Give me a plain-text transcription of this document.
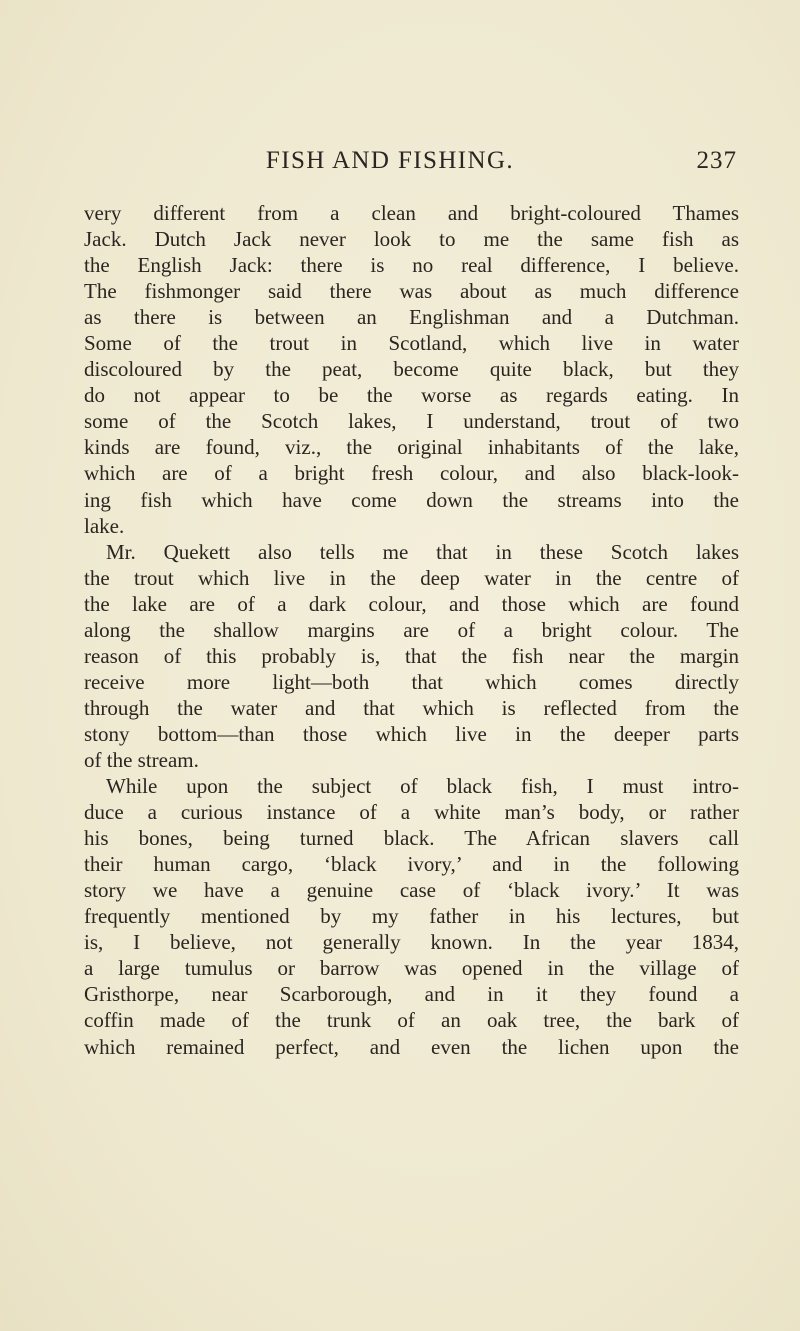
FISH AND FISHING.	237
very different from a clean and bright-coloured Thames
Jack. Dutch Jack never look to me the same fish as
the English Jack: there is no real difference, I believe.
The fishmonger said there was about as much difference
as there is between an Englishman and a Dutchman.
Some of the trout in Scotland, which live in water
discoloured by the peat, become quite black, but they
do not appear to be the worse as regards eating. In
some of the Scotch lakes, I understand, trout of two
kinds are found, viz., the original inhabitants of the lake,
which are of a bright fresh colour, and also black-look-
ing fish which have come down the streams into the
lake.
Mr. Quekett also tells me that in these Scotch lakes
the trout which live in the deep water in the centre of
the lake are of a dark colour, and those which are found
along the shallow margins are of a bright colour. The
reason of this probably is, that the fish near the margin
receive more light—both that which comes directly
through the water and that which is reflected from the
stony bottom—than those which live in the deeper parts
of the stream.
While upon the subject of black fish, I must intro-
duce a curious instance of a white man’s body, or rather
his bones, being turned black. The African slavers call
their human cargo, ‘black ivory,’ and in the following
story we have a genuine case of ‘black ivory.’ It was
frequently mentioned by my father in his lectures, but
is, I believe, not generally known. In the year 1834,
a large tumulus or barrow was opened in the village of
Gristhorpe, near Scarborough, and in it they found a
coffin made of the trunk of an oak tree, the bark of
which remained perfect, and even the lichen upon the
